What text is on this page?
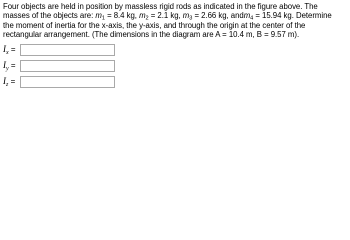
Four objects are held in position by massless rigid rods as indicated in the figure above. The

masses of the objects are: $m_1 = 8.4$ kg, $m_2 = 2.1$ kg, $m_3 = 2.66$ kg, andm$_4$ = 15.94 kg. Determine

the moment of inertia for the x-axis, the y-axis, and through the origin at the center of the

rectangular arrangement. (The dimensions in the diagram are A = 10.4 m, B = 9.57 m).

$I_x$ =
$I_y$ =
$I_z$ =
